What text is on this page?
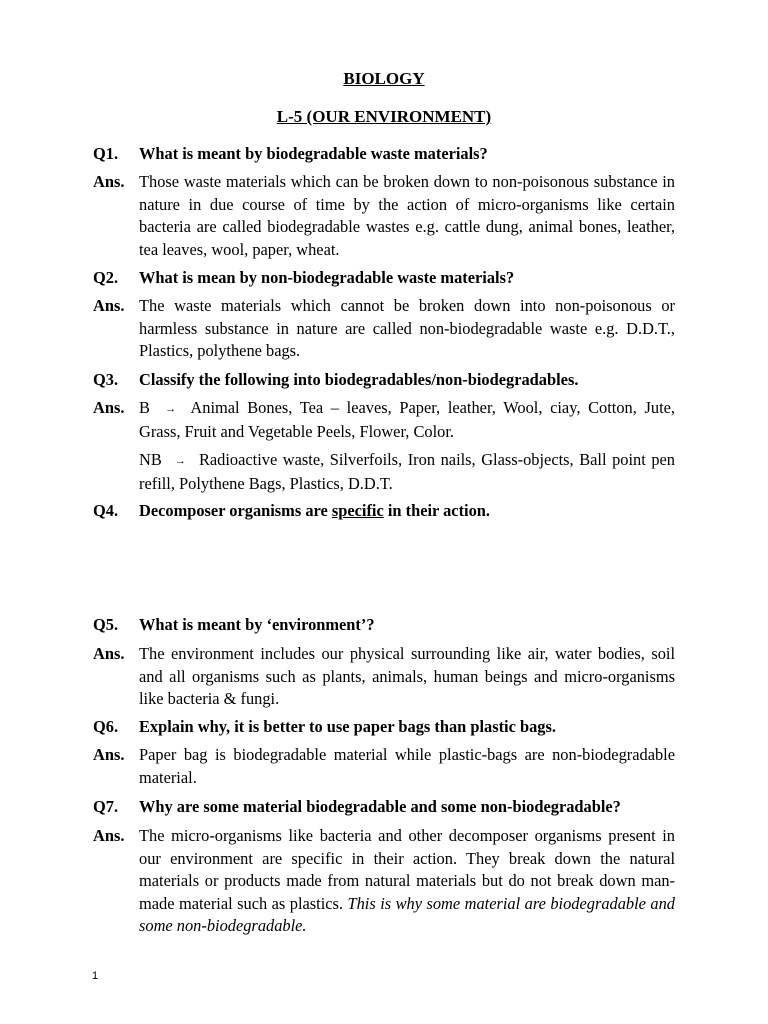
BIOLOGY
L-5 (OUR ENVIRONMENT)
Q1. What is meant by biodegradable waste materials?
Ans. Those waste materials which can be broken down to non-poisonous substance in nature in due course of time by the action of micro-organisms like certain bacteria are called biodegradable wastes e.g. cattle dung, animal bones, leather, tea leaves, wool, paper, wheat.
Q2. What is mean by non-biodegradable waste materials?
Ans. The waste materials which cannot be broken down into non-poisonous or harmless substance in nature are called non-biodegradable waste e.g. D.D.T., Plastics, polythene bags.
Q3. Classify the following into biodegradables/non-biodegradables.
Ans. B → Animal Bones, Tea – leaves, Paper, leather, Wool, ciay, Cotton, Jute, Grass, Fruit and Vegetable Peels, Flower, Color.
NB → Radioactive waste, Silverfoils, Iron nails, Glass-objects, Ball point pen refill, Polythene Bags, Plastics, D.D.T.
Q4. Decomposer organisms are specific in their action.
Q5. What is meant by ‘environment’?
Ans. The environment includes our physical surrounding like air, water bodies, soil and all organisms such as plants, animals, human beings and micro-organisms like bacteria & fungi.
Q6. Explain why, it is better to use paper bags than plastic bags.
Ans. Paper bag is biodegradable material while plastic-bags are non-biodegradable material.
Q7. Why are some material biodegradable and some non-biodegradable?
Ans. The micro-organisms like bacteria and other decomposer organisms present in our environment are specific in their action. They break down the natural materials or products made from natural materials but do not break down man-made material such as plastics. This is why some material are biodegradable and some non-biodegradable.
1
